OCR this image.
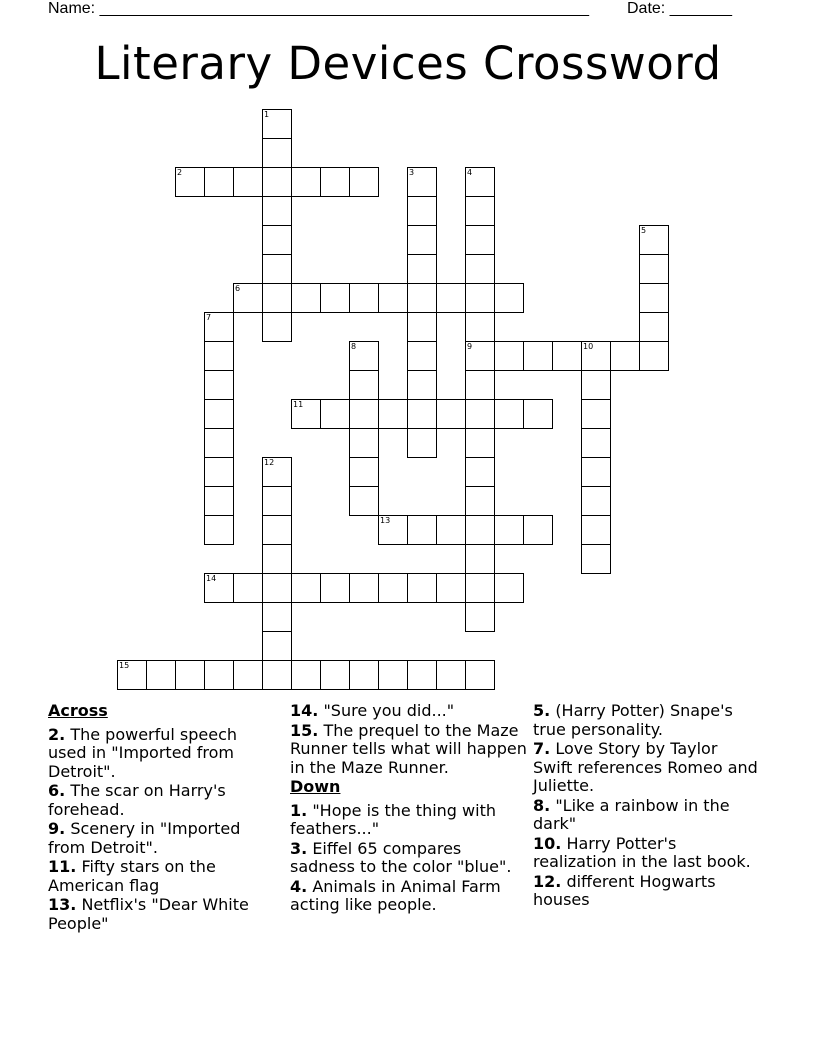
Name: _______________________________________________________ Date: _______
Literary Devices Crossword
1
2	3	4
9
5
6
7
8	10
11
12
13
14
15
Across
2. The powerful speech used in "Imported from Detroit".
6. The scar on Harry's forehead.
9. Scenery in "Imported from Detroit".
11. Fifty stars on the American flag
13. Netflix's "Dear White People"
14. "Sure you did..."
15. The prequel to the Maze Runner tells what will happen in the Maze Runner.
Down
1. "Hope is the thing with feathers..."
3. Eiffel 65 compares sadness to the color "blue".
4. Animals in Animal Farm acting like people.
5. (Harry Potter) Snape's true personality.
7. Love Story by Taylor Swift references Romeo and Juliette.
8. "Like a rainbow in the dark"
10. Harry Potter's realization in the last book.
12. different Hogwarts houses
